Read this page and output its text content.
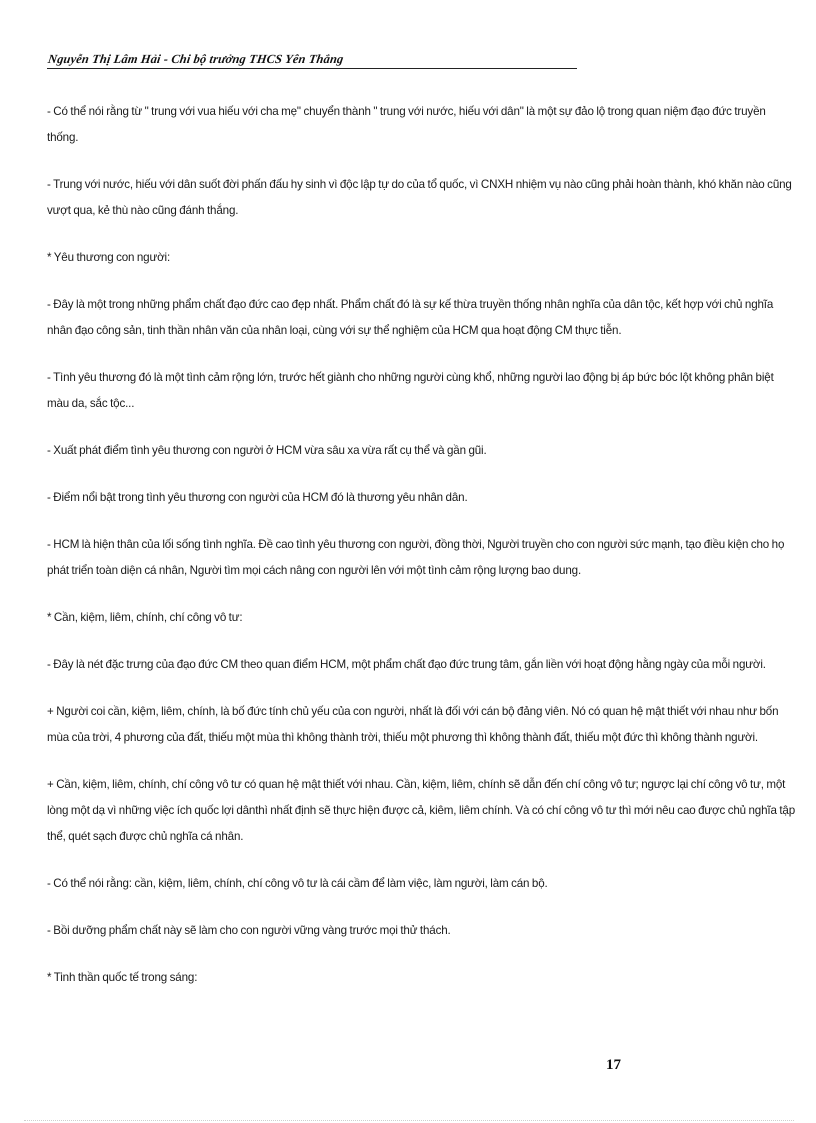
Nguyễn Thị Lâm Hải - Chi bộ trưởng THCS Yên Thắng

- Có thể nói rằng từ " trung với vua hiếu với cha mẹ" chuyển thành " trung với nước, hiếu với dân" là một sự đảo lộ trong quan niệm đạo đức truyền thống.

- Trung với nước, hiếu với dân suốt đời phấn đấu hy sinh vì độc lập tự do của tổ quốc, vì CNXH nhiệm vụ nào cũng phải hoàn thành, khó khăn nào cũng vượt qua, kẻ thù nào cũng đánh thắng.

* Yêu thương con người:

- Đây là một trong những phẩm chất đạo đức cao đẹp nhất. Phẩm chất đó là sự kế thừa truyền thống nhân nghĩa của dân tộc, kết hợp với chủ nghĩa nhân đạo công sản, tinh thần nhân văn của nhân loại, cùng với sự thể nghiệm của HCM qua hoạt động CM thực tiễn.

- Tình yêu thương đó là một tình cảm rộng lớn, trước hết giành cho những người cùng khổ, những người lao động bị áp bức bóc lột không phân biệt màu da, sắc tộc...

- Xuất phát điểm tình yêu thương con người ở HCM vừa sâu xa vừa rất cụ thể và gần gũi.

- Điểm nổi bật trong tình yêu thương con người của HCM đó là thương yêu nhân dân.

- HCM là hiện thân của lối sống tình nghĩa. Đề cao tình yêu thương con người, đồng thời, Người truyền cho con người sức mạnh, tạo điều kiện cho họ phát triển toàn diện cá nhân, Người tìm mọi cách nâng con người lên với một tình cảm rộng lượng bao dung.

* Cần, kiệm, liêm, chính, chí công vô tư:

- Đây là nét đặc trưng của đạo đức CM theo quan điểm HCM, một phẩm chất đạo đức trung tâm, gắn liền với hoạt động hằng ngày của mỗi người.

+ Người coi cần, kiệm, liêm, chính, là bố đức tính chủ yếu của con người, nhất là đối với cán bộ đảng viên. Nó có quan hệ mật thiết với nhau như bốn mùa của trời, 4 phương của đất, thiếu một mùa thì không thành trời, thiếu một phương thì không thành đất, thiếu một đức thì không thành người.

+ Cần, kiệm, liêm, chính, chí công vô tư có quan hệ mật thiết với nhau. Cần, kiệm, liêm, chính sẽ dẫn đến chí công vô tư; ngược lại chí công vô tư, một lòng một dạ vì những việc ích quốc lợi dânthì nhất định sẽ thực hiện được cả, kiêm, liêm chính. Và có chí công vô tư thì mới nêu cao được chủ nghĩa tập thể, quét sạch được chủ nghĩa cá nhân.

- Có thể nói rằng: cần, kiệm, liêm, chính, chí công vô tư là cái cầm để làm việc, làm người, làm cán bộ.

- Bồi dưỡng phẩm chất này sẽ làm cho con người vững vàng trước mọi thử thách.

* Tinh thần quốc tế trong sáng:

17
